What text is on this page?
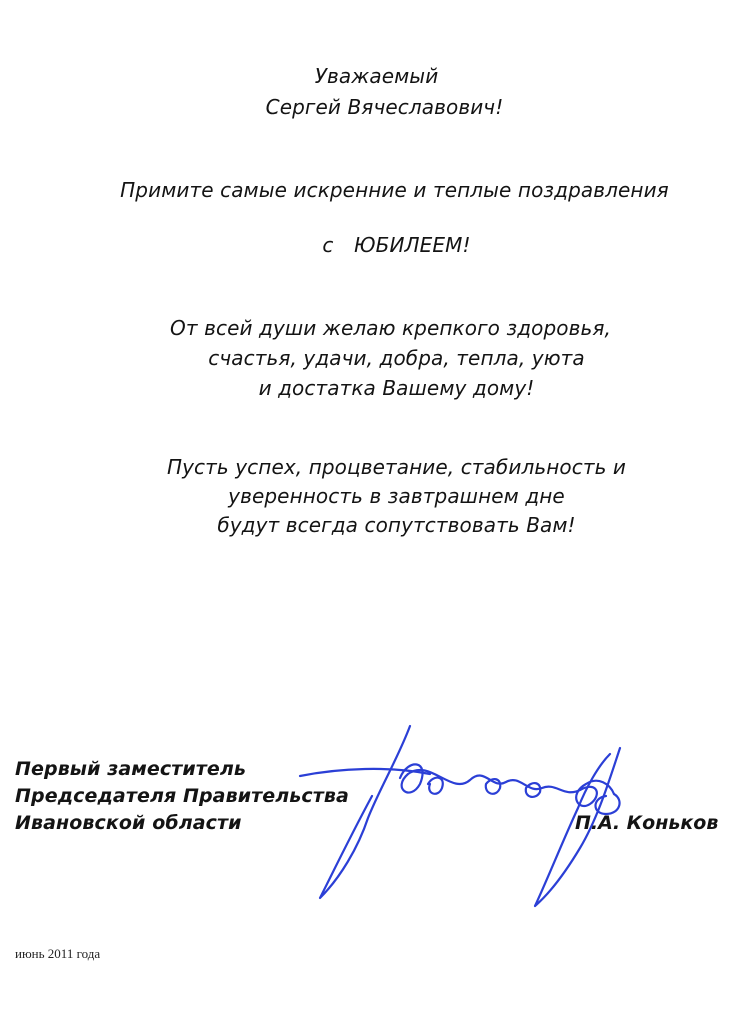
Уважаемый
Сергей Вячеславович!
Примите самые искренние и теплые поздравления
с ЮБИЛЕЕМ!
От всей души желаю крепкого здоровья,
счастья, удачи, добра, тепла, уюта
и достатка Вашему дому!
Пусть успех, процветание, стабильность и
уверенность в завтрашнем дне
будут всегда сопутствовать Вам!
Первый заместитель
Председателя Правительства
Ивановской области	П.А. Коньков
июнь 2011 года
